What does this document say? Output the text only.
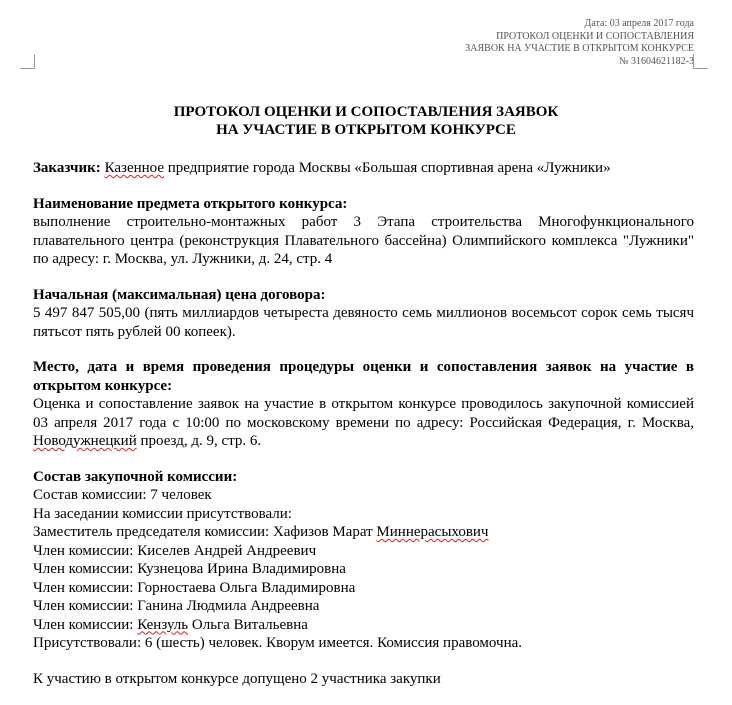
Дата: 03 апреля 2017 года
ПРОТОКОЛ ОЦЕНКИ И СОПОСТАВЛЕНИЯ
ЗАЯВОК НА УЧАСТИЕ В ОТКРЫТОМ КОНКУРСЕ
№ 31604621182-3
ПРОТОКОЛ ОЦЕНКИ И СОПОСТАВЛЕНИЯ ЗАЯВОК
НА УЧАСТИЕ В ОТКРЫТОМ КОНКУРСЕ

Заказчик: Казенное предприятие города Москвы «Большая спортивная арена «Лужники»

Наименование предмета открытого конкурса:

выполнение строительно-монтажных работ 3 Этапа строительства Многофункционального плавательного центра (реконструкция Плавательного бассейна) Олимпийского комплекса "Лужники" по адресу: г. Москва, ул. Лужники, д. 24, стр. 4

Начальная (максимальная) цена договора:

5 497 847 505,00 (пять миллиардов четыреста девяносто семь миллионов восемьсот сорок семь тысяч пятьсот пять рублей 00 копеек).

Место, дата и время проведения процедуры оценки и сопоставления заявок на участие в открытом конкурсе:

Оценка и сопоставление заявок на участие в открытом конкурсе проводилось закупочной комиссией 03 апреля 2017 года с 10:00 по московскому времени по адресу: Российская Федерация, г. Москва, Новодужнецкий проезд, д. 9, стр. 6.

Состав закупочной комиссии:

Состав комиссии: 7 человек

На заседании комиссии присутствовали:

Заместитель председателя комиссии: Хафизов Марат Миннерасыхович

Член комиссии: Киселев Андрей Андреевич

Член комиссии: Кузнецова Ирина Владимировна

Член комиссии: Горностаева Ольга Владимировна

Член комиссии: Ганина Людмила Андреевна

Член комиссии: Кензуль Ольга Витальевна

Присутствовали: 6 (шесть) человек. Кворум имеется. Комиссия правомочна.

К участию в открытом конкурсе допущено 2 участника закупки
